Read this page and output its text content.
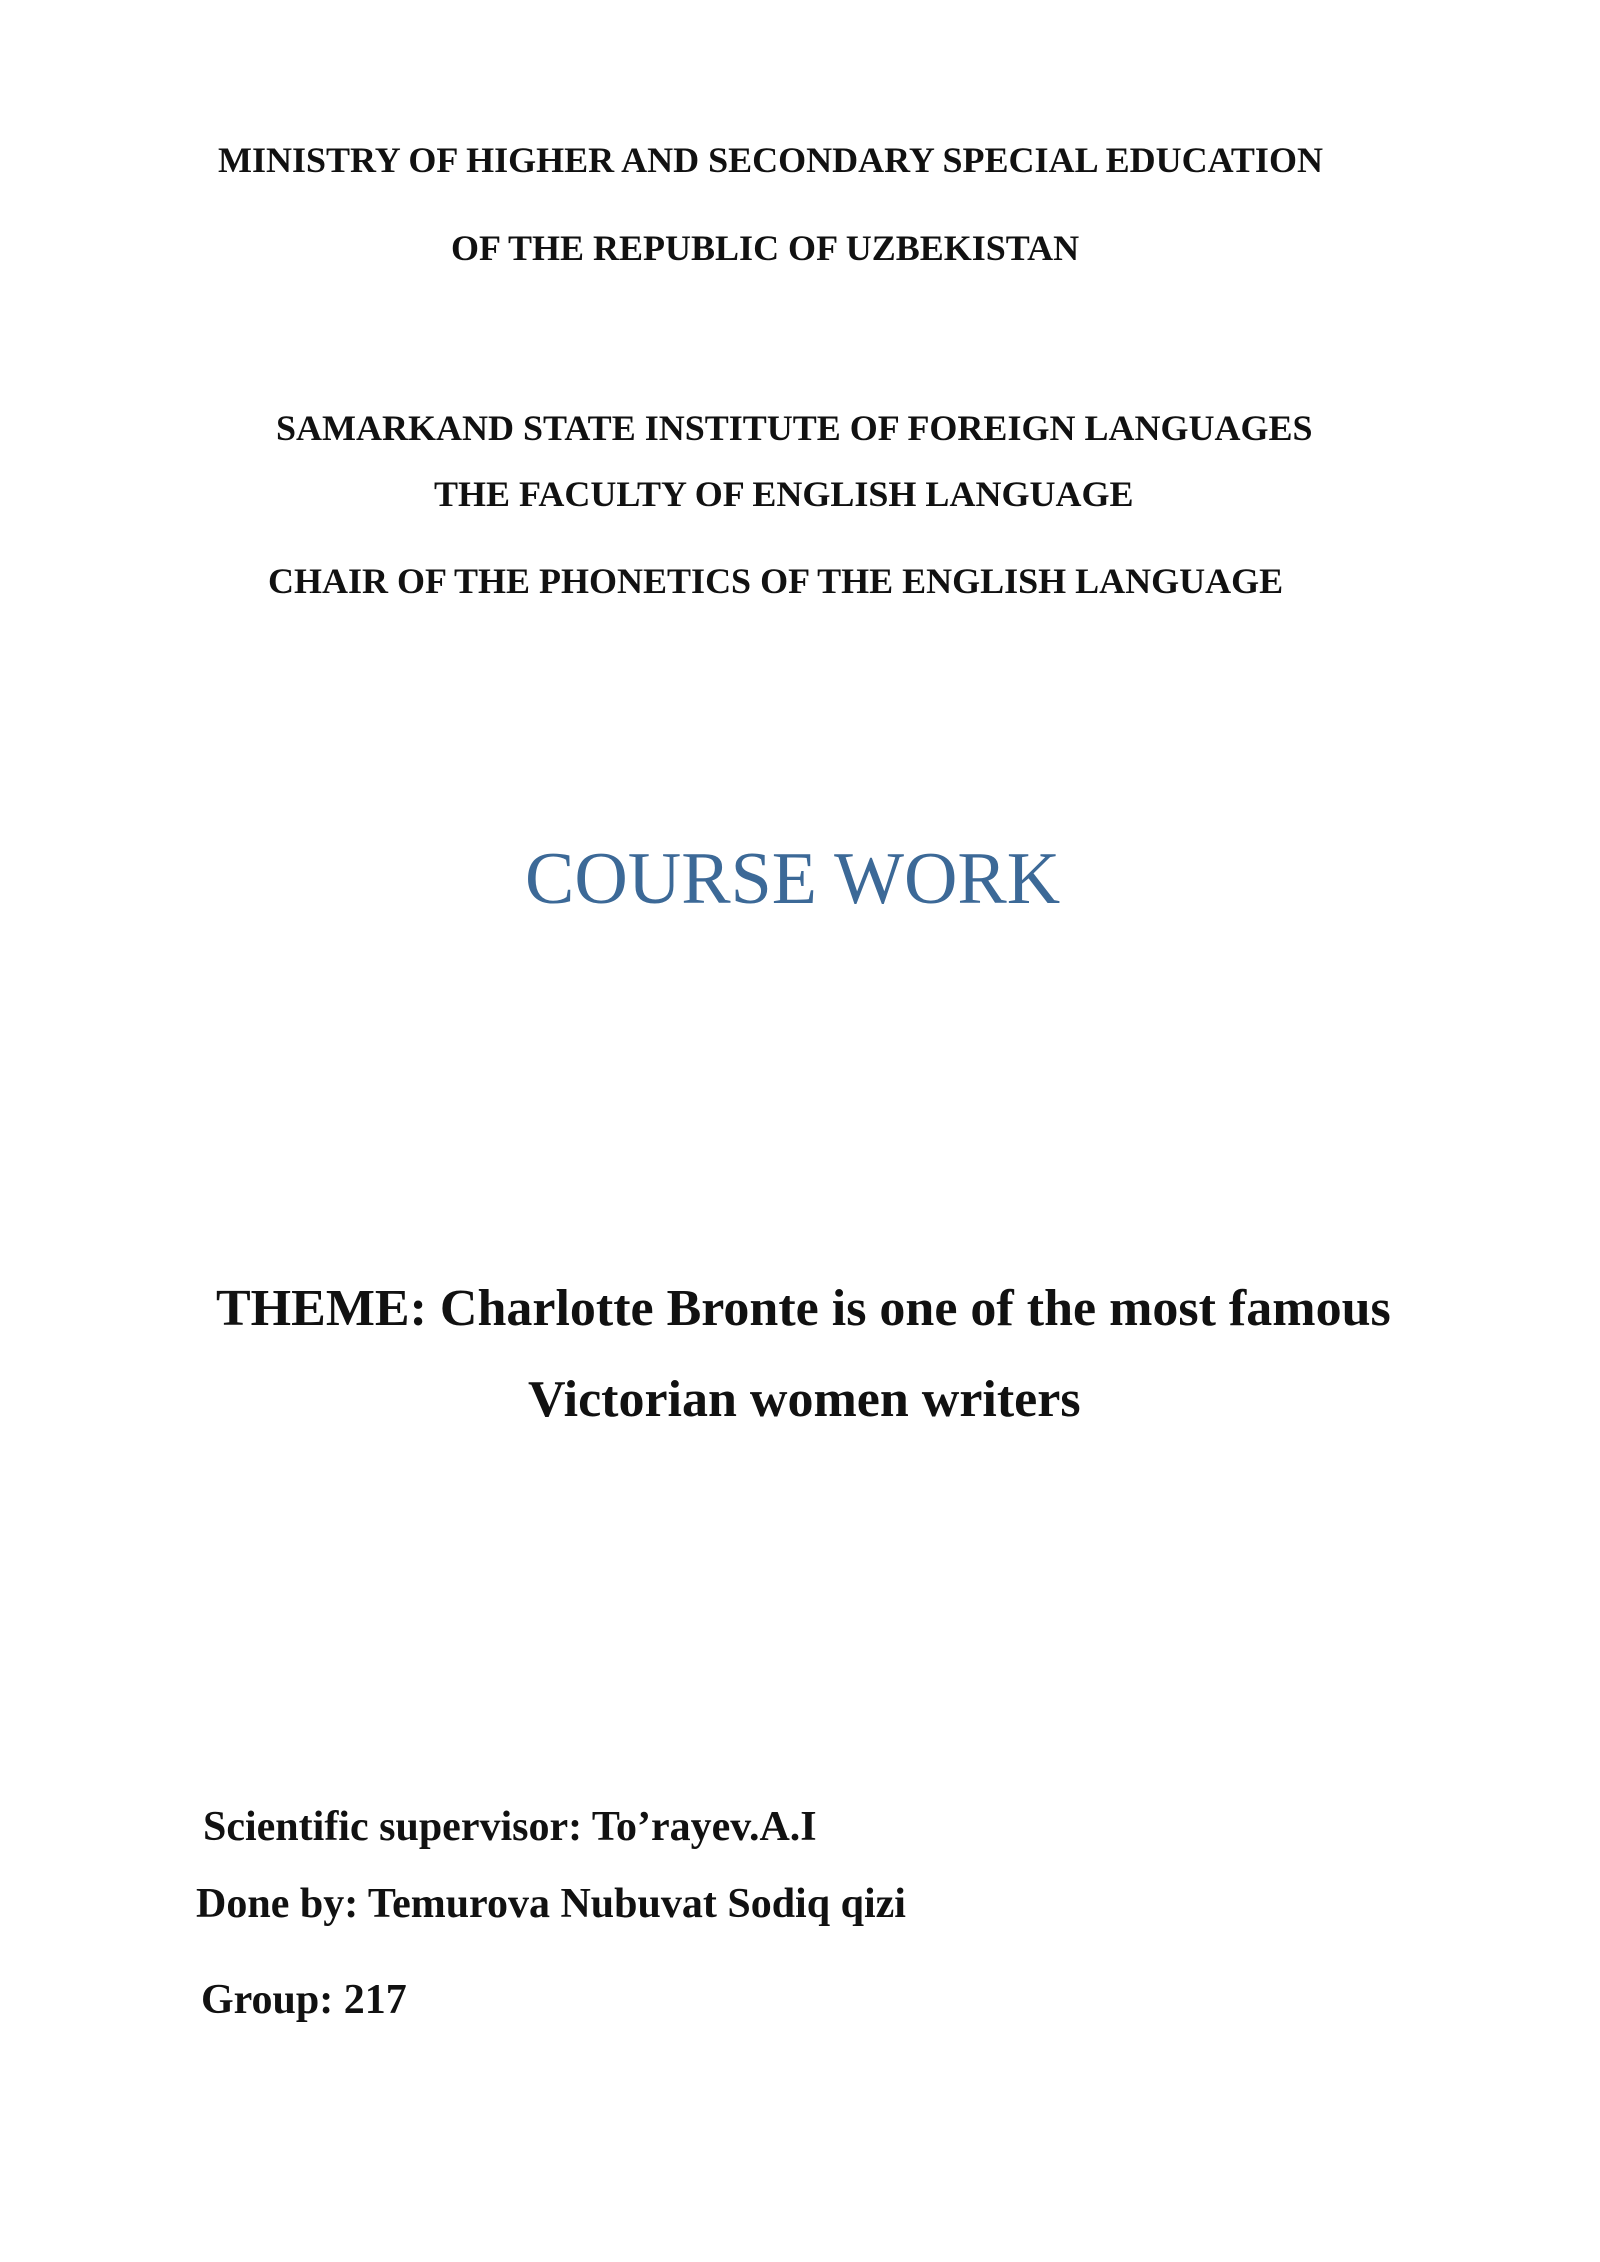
MINISTRY OF HIGHER AND SECONDARY SPECIAL EDUCATION
OF THE REPUBLIC OF UZBEKISTAN
SAMARKAND STATE INSTITUTE OF FOREIGN LANGUAGES
THE FACULTY OF ENGLISH LANGUAGE
CHAIR OF THE PHONETICS OF THE ENGLISH LANGUAGE
COURSE WORK
THEME: Charlotte Bronte is one of the most famous
Victorian women writers
Scientific supervisor: To’rayev.A.I
Done by: Temurova Nubuvat Sodiq qizi
Group: 217
